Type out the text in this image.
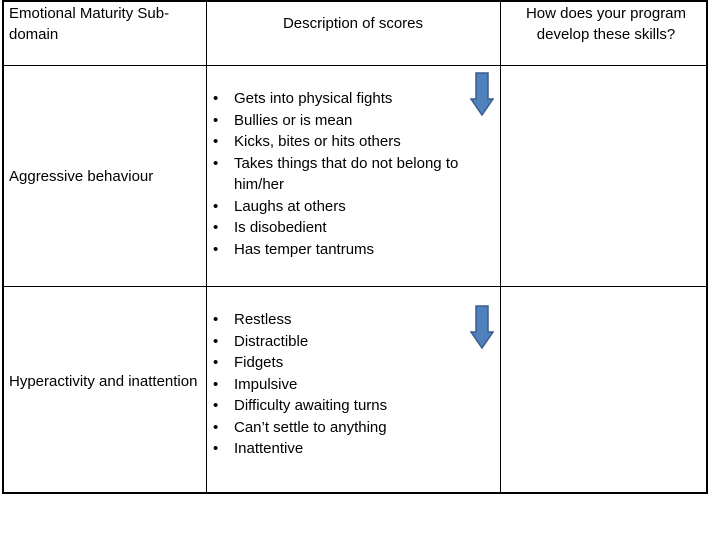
Emotional Maturity Sub-domain
Description of scores
How does your program develop these skills?
Aggressive behaviour
• Gets into physical fights
• Bullies or is mean
• Kicks, bites or hits others
• Takes things that do not belong to him/her
• Laughs at others
• Is disobedient
• Has temper tantrums
Hyperactivity and inattention
• Restless
• Distractible
• Fidgets
• Impulsive
• Difficulty awaiting turns
• Can’t settle to anything
• Inattentive
